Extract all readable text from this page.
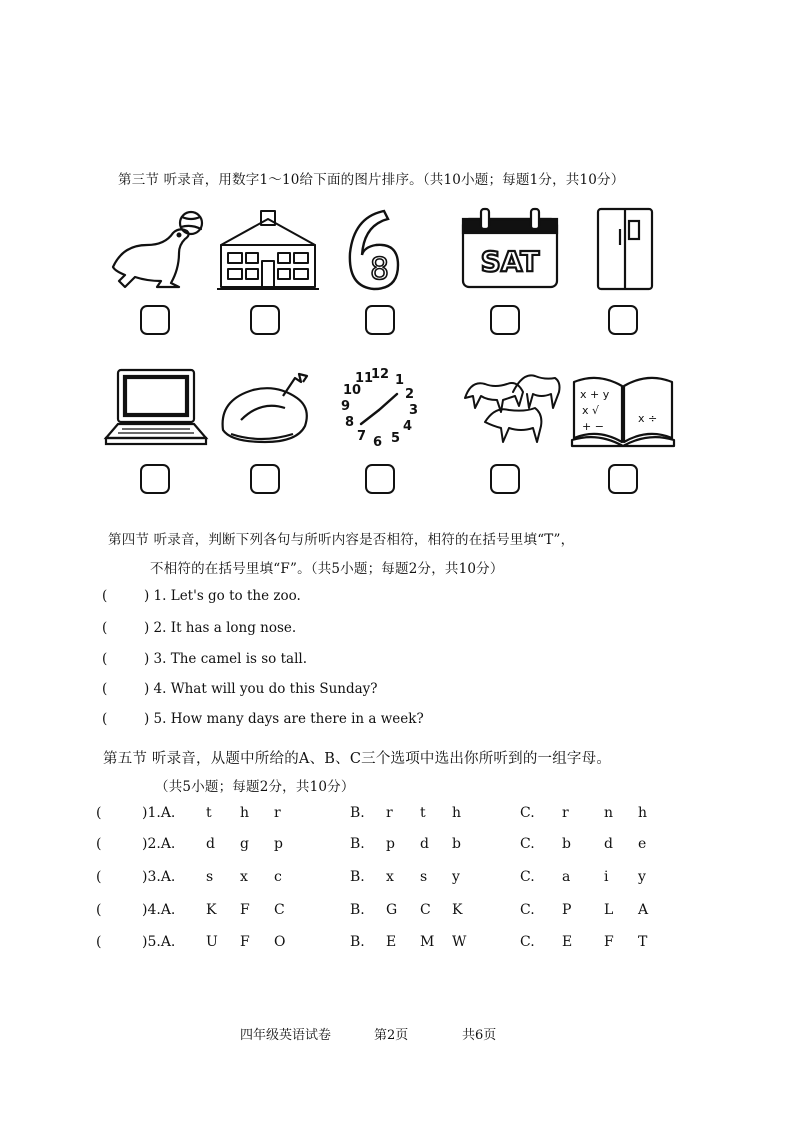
第三节 听录音，用数字1～10给下面的图片排序。（共10小题；每题1分，共10分）
8	SAT
12 1
2
3
4
5
6
7
8
9
10
11
x + y
x √
+ −
x ÷
第四节 听录音，判断下列各句与所听内容是否相符，相符的在括号里填“T”，
不相符的在括号里填“F”。（共5小题；每题2分，共10分）
(	) 1. Let's go to the zoo.
(	) 2. It has a long nose.
(	) 3. The camel is so tall.
(	) 4. What will you do this Sunday?
(	) 5. How many days are there in a week?
第五节 听录音，从题中所给的A、B、C三个选项中选出你所听到的一组字母。
（共5小题；每题2分，共10分）
(	)1.A. t h r	B. r t h	C. r	n h
(	)2.A. d g p	B. p d b	C. b d e
(	)3.A. s x c	B. x s y	C. a i y
(	)4.A. K F C	B. G C K	C. P L A
(	)5.A. U F O	B. E M W	C. E F T
四年级英语试卷	第2页	共6页
